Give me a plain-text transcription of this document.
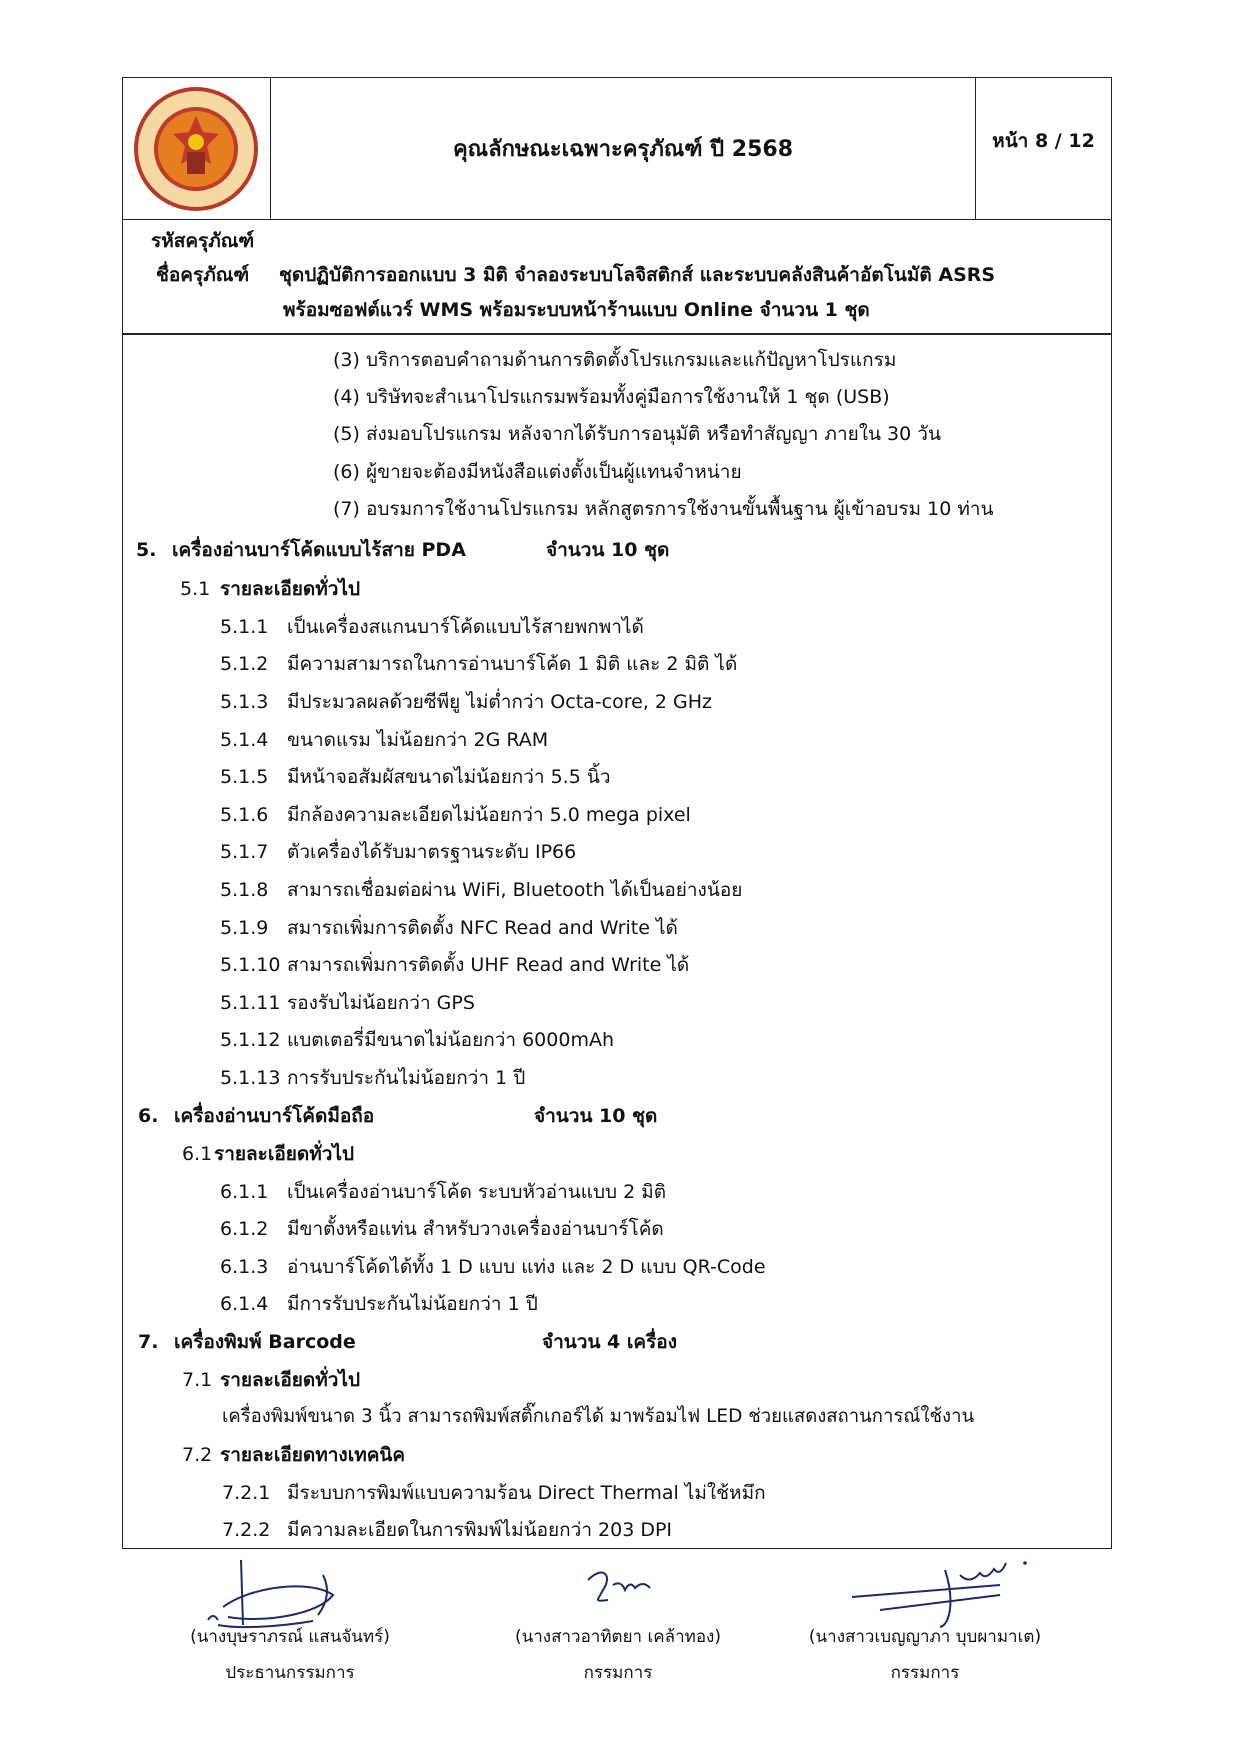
คุณลักษณะเฉพาะครุภัณฑ์ ปี 2568	หน้า 8 / 12
รหัสครุภัณฑ์
ชื่อครุภัณฑ์ ชุดปฏิบัติการออกแบบ 3 มิติ จำลองระบบโลจิสติกส์ และระบบคลังสินค้าอัตโนมัติ ASRS
พร้อมซอฟต์แวร์ WMS พร้อมระบบหน้าร้านแบบ Online จำนวน 1 ชุด
(3) บริการตอบคำถามด้านการติดตั้งโปรแกรมและแก้ปัญหาโปรแกรม
(4) บริษัทจะสำเนาโปรแกรมพร้อมทั้งคู่มือการใช้งานให้ 1 ชุด (USB)
(5) ส่งมอบโปรแกรม หลังจากได้รับการอนุมัติ หรือทำสัญญา ภายใน 30 วัน
(6) ผู้ขายจะต้องมีหนังสือแต่งตั้งเป็นผู้แทนจำหน่าย
(7) อบรมการใช้งานโปรแกรม หลักสูตรการใช้งานขั้นพื้นฐาน ผู้เข้าอบรม 10 ท่าน
5. เครื่องอ่านบาร์โค้ดแบบไร้สาย PDA	จำนวน 10 ชุด
5.1 รายละเอียดทั่วไป
5.1.1 เป็นเครื่องสแกนบาร์โค้ดแบบไร้สายพกพาได้
5.1.2 มีความสามารถในการอ่านบาร์โค้ด 1 มิติ และ 2 มิติ ได้
5.1.3 มีประมวลผลด้วยซีพียู ไม่ต่ำกว่า Octa-core, 2 GHz
5.1.4 ขนาดแรม ไม่น้อยกว่า 2G RAM
5.1.5 มีหน้าจอสัมผัสขนาดไม่น้อยกว่า 5.5 นิ้ว
5.1.6 มีกล้องความละเอียดไม่น้อยกว่า 5.0 mega pixel
5.1.7 ตัวเครื่องได้รับมาตรฐานระดับ IP66
5.1.8 สามารถเชื่อมต่อผ่าน WiFi, Bluetooth ได้เป็นอย่างน้อย
5.1.9 สมารถเพิ่มการติดตั้ง NFC Read and Write ได้
5.1.10 สามารถเพิ่มการติดตั้ง UHF Read and Write ได้
5.1.11 รองรับไม่น้อยกว่า GPS
5.1.12 แบตเตอรี่มีขนาดไม่น้อยกว่า 6000mAh
5.1.13 การรับประกันไม่น้อยกว่า 1 ปี
6. เครื่องอ่านบาร์โค้ดมือถือ	จำนวน 10 ชุด
6.1 รายละเอียดทั่วไป
6.1.1 เป็นเครื่องอ่านบาร์โค้ด ระบบหัวอ่านแบบ 2 มิติ
6.1.2 มีขาตั้งหรือแท่น สำหรับวางเครื่องอ่านบาร์โค้ด
6.1.3 อ่านบาร์โค้ดได้ทั้ง 1 D แบบ แท่ง และ 2 D แบบ QR-Code
6.1.4 มีการรับประกันไม่น้อยกว่า 1 ปี
7. เครื่องพิมพ์ Barcode	จำนวน 4 เครื่อง
7.1 รายละเอียดทั่วไป
เครื่องพิมพ์ขนาด 3 นิ้ว สามารถพิมพ์สติ๊กเกอร์ได้ มาพร้อมไฟ LED ช่วยแสดงสถานการณ์ใช้งาน
7.2 รายละเอียดทางเทคนิค
7.2.1 มีระบบการพิมพ์แบบความร้อน Direct Thermal ไม่ใช้หมึก
7.2.2 มีความละเอียดในการพิมพ์ไม่น้อยกว่า 203 DPI
(นางบุษราภรณ์ แสนจันทร์)
ประธานกรรมการ
(นางสาวอาทิตยา เคล้าทอง)
กรรมการ
(นางสาวเบญญาภา บุบผามาเต)
กรรมการ
